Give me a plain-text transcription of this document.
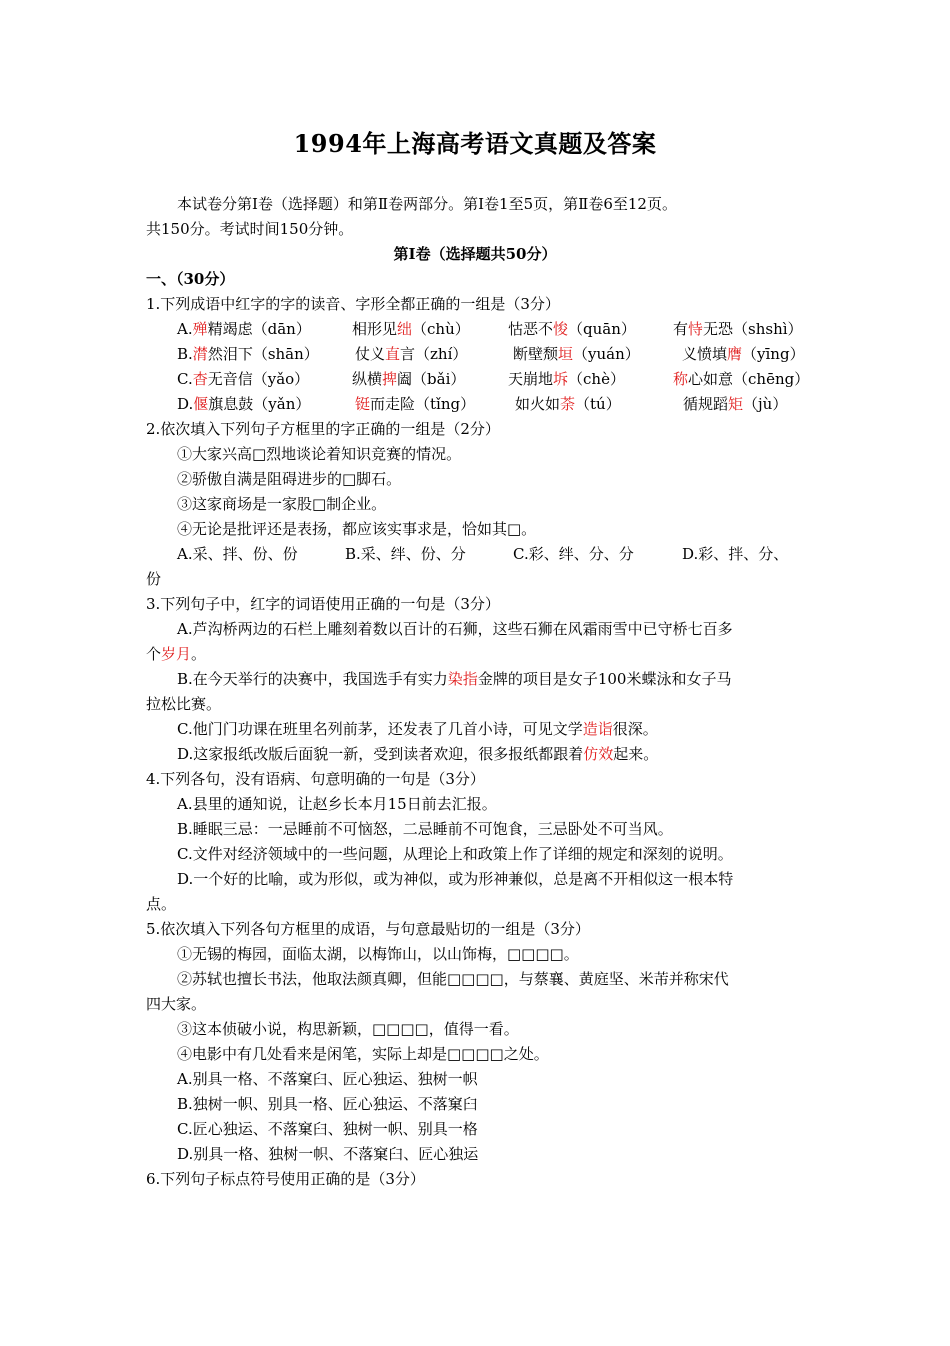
1994年上海高考语文真题及答案
本试卷分第Ⅰ卷（选择题）和第Ⅱ卷两部分。第Ⅰ卷1至5页，第Ⅱ卷6至12页。
共150分。考试时间150分钟。
第Ⅰ卷（选择题共50分）
一、（30分）
1.下列成语中红字的字的读音、字形全都正确的一组是（3分）
A.殚精竭虑（dān）	相形见绌（chù）	怙恶不悛（quān） 有恃无恐（shshì）
B.潸然泪下（shān） 仗义直言（zhí）	断壁颓垣（yuán）	义愤填膺（yīng）
C.杳无音信（yǎo）	纵横捭阖（bǎi）	天崩地坼（chè）	称心如意（chēng）
D.偃旗息鼓（yǎn）	铤而走险（tǐng）	如火如荼（tú）	循规蹈矩（jù）
2.依次填入下列句子方框里的字正确的一组是（2分）
①大家兴高□烈地谈论着知识竞赛的情况。
②骄傲自满是阻碍进步的□脚石。
③这家商场是一家股□制企业。
④无论是批评还是表扬，都应该实事求是，恰如其□。
A.采、拌、份、份	B.采、绊、份、分	C.彩、绊、分、分	D.彩、拌、分、
份
3.下列句子中，红字的词语使用正确的一句是（3分）
A.芦沟桥两边的石栏上雕刻着数以百计的石狮，这些石狮在风霜雨雪中已守桥七百多
个岁月。
B.在今天举行的决赛中，我国选手有实力染指金牌的项目是女子100米蝶泳和女子马
拉松比赛。
C.他门门功课在班里名列前茅，还发表了几首小诗，可见文学造诣很深。
D.这家报纸改版后面貌一新，受到读者欢迎，很多报纸都跟着仿效起来。
4.下列各句，没有语病、句意明确的一句是（3分）
A.县里的通知说，让赵乡长本月15日前去汇报。
B.睡眠三忌：一忌睡前不可恼怒，二忌睡前不可饱食，三忌卧处不可当风。
C.文件对经济领域中的一些问题，从理论上和政策上作了详细的规定和深刻的说明。
D.一个好的比喻，或为形似，或为神似，或为形神兼似，总是离不开相似这一根本特
点。
5.依次填入下列各句方框里的成语，与句意最贴切的一组是（3分）
①无锡的梅园，面临太湖，以梅饰山，以山饰梅，□□□□。
②苏轼也擅长书法，他取法颜真卿，但能□□□□，与蔡襄、黄庭坚、米芾并称宋代
四大家。
③这本侦破小说，构思新颖，□□□□，值得一看。
④电影中有几处看来是闲笔，实际上却是□□□□之处。
A.别具一格、不落窠臼、匠心独运、独树一帜
B.独树一帜、别具一格、匠心独运、不落窠臼
C.匠心独运、不落窠臼、独树一帜、别具一格
D.别具一格、独树一帜、不落窠臼、匠心独运
6.下列句子标点符号使用正确的是（3分）
